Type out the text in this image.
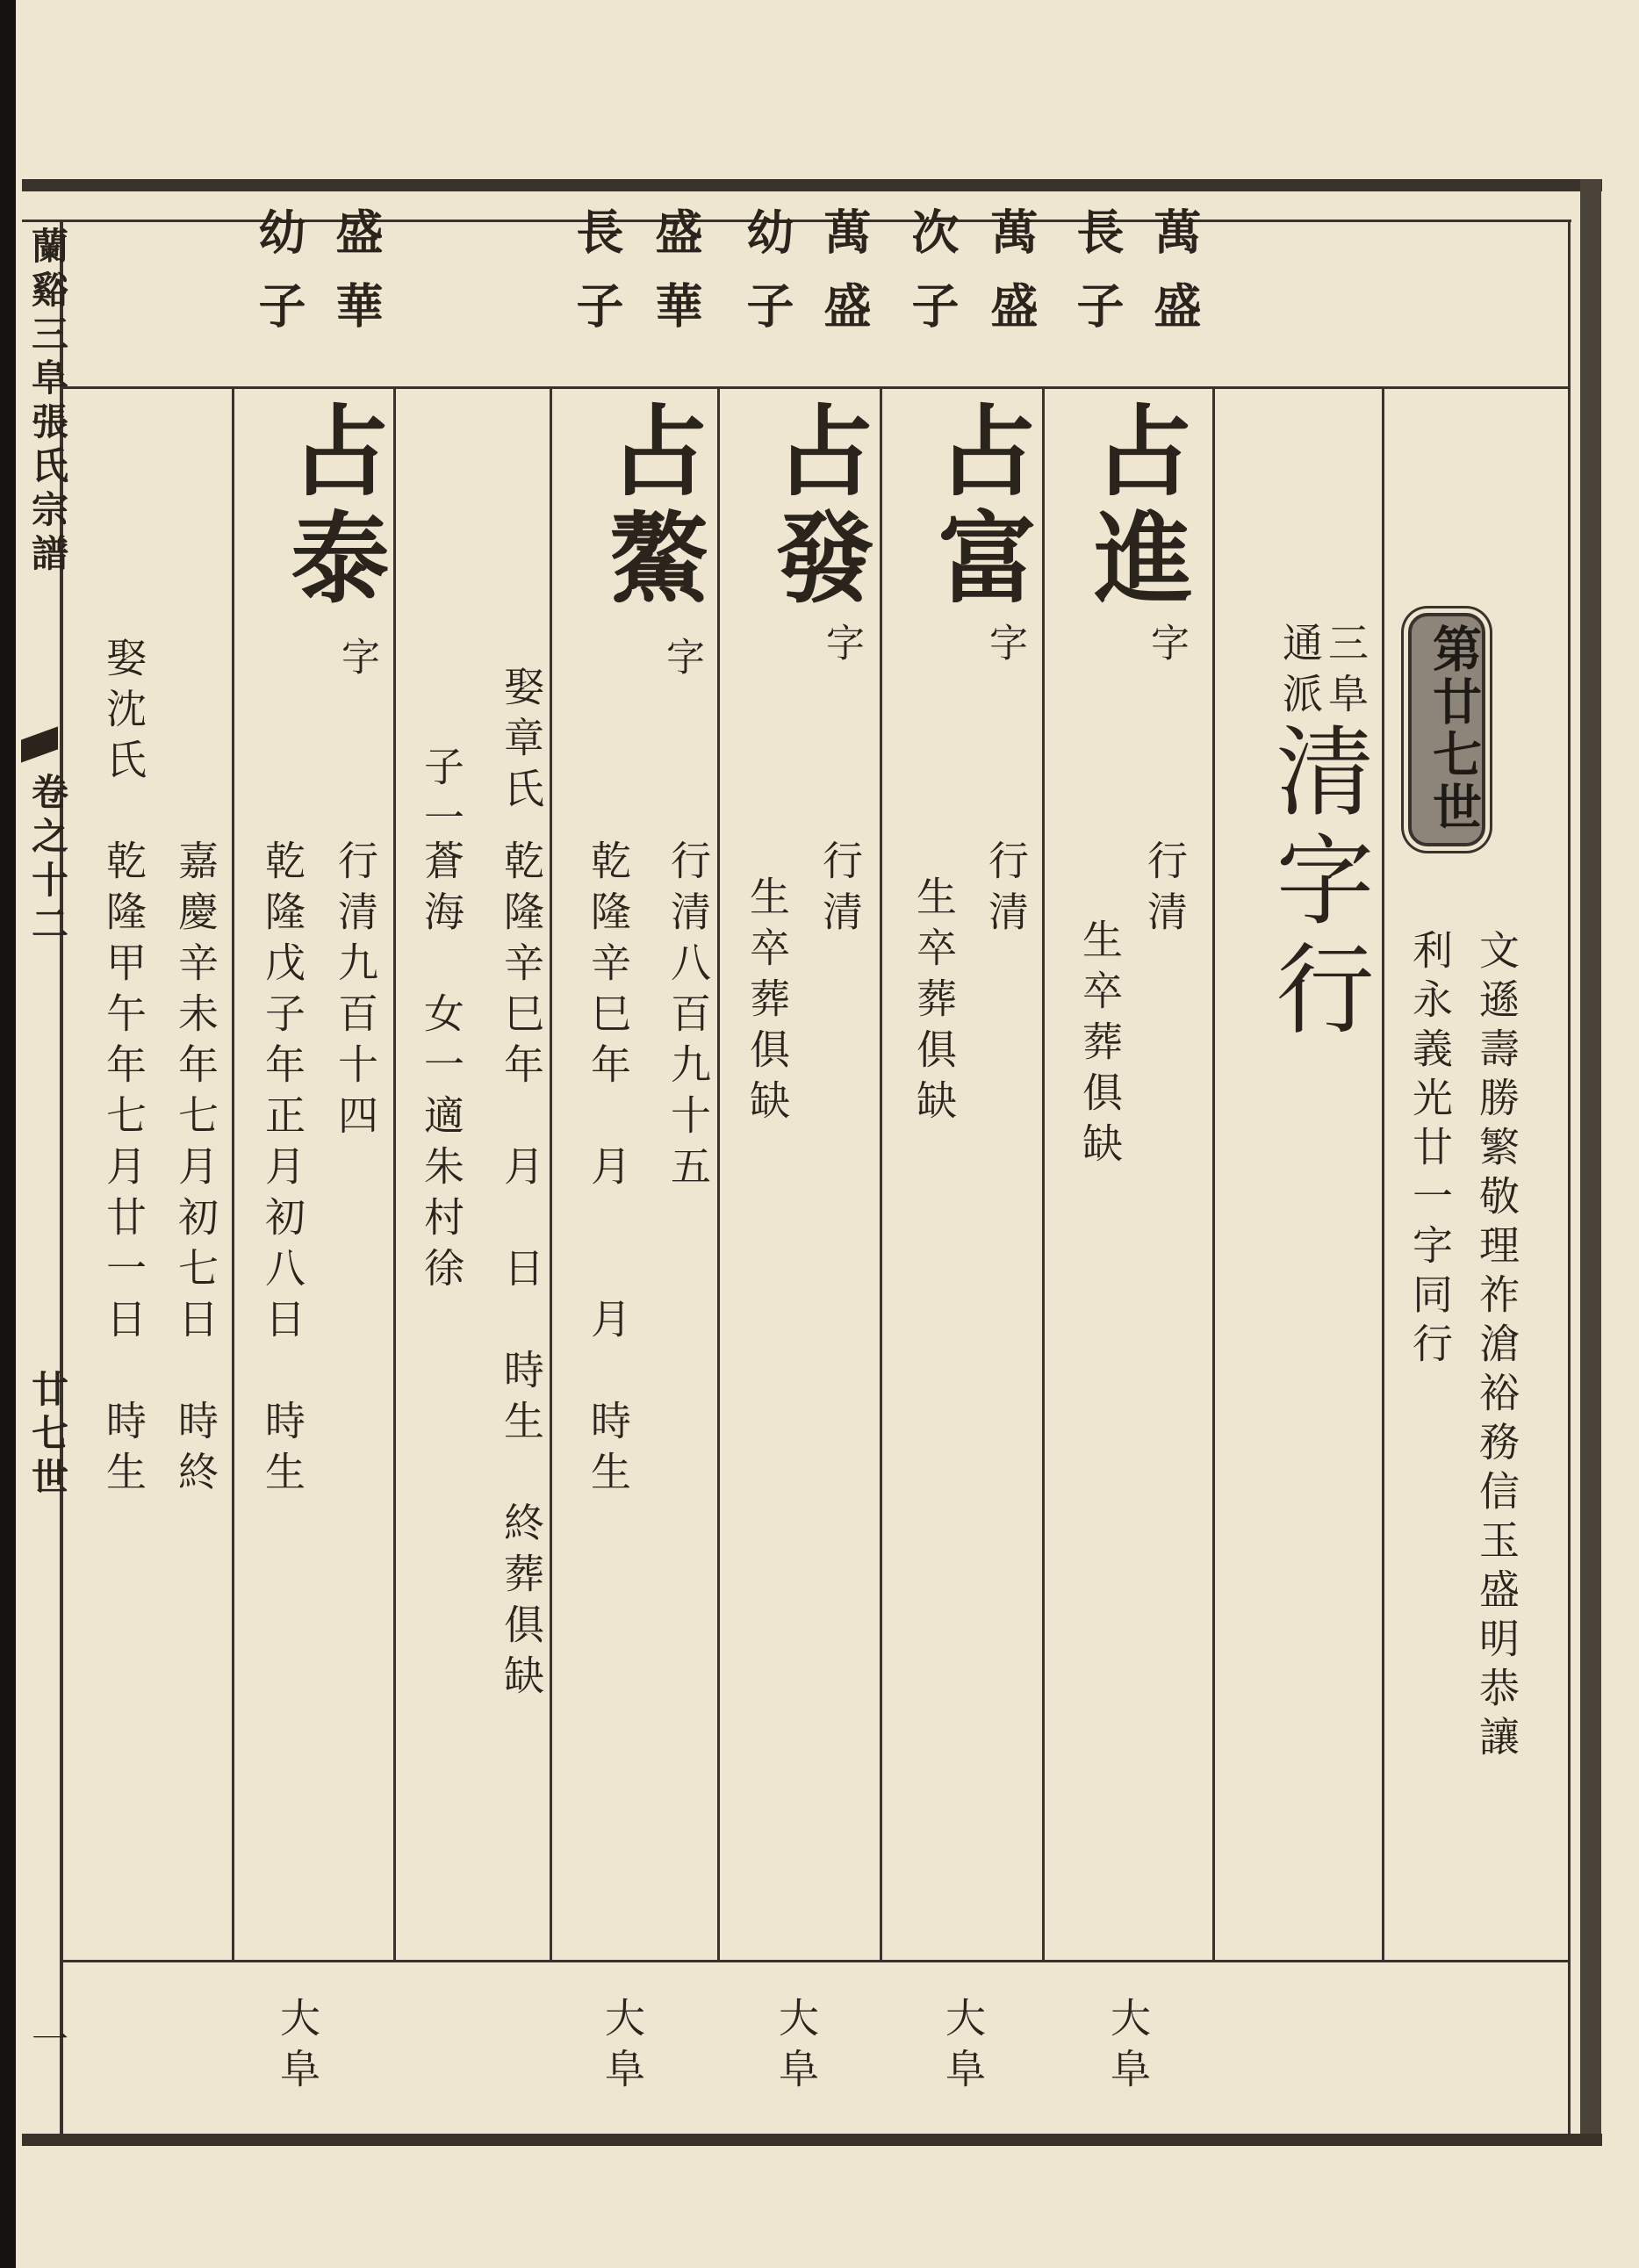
蘭谿三阜張氏宗譜
卷之十二
廿七世
一
第廿七世
文遜壽勝繁敬理祚滄裕務信玉盛明恭讓
利永義光廿一字同行
三阜
通派
清字行
萬盛
長子
占進
字
行清
生卒葬俱缺
大阜
萬盛
次子
占富
字
行清
生卒葬俱缺
大阜
萬盛
幼子
占發
字
行清
生卒葬俱缺
大阜
盛華
長子
占鰲
字
行清八百九十五
乾隆辛巳年　月　　月　時生
娶章氏
乾隆辛巳年　月　日　時生　終葬俱缺
子一
蒼海　女一適朱村徐
大阜
盛華
幼子
占泰
字
行清九百十四
乾隆戊子年正月初八日　時生
嘉慶辛未年七月初七日　時終
娶沈氏
乾隆甲午年七月廿一日　時生
大阜
